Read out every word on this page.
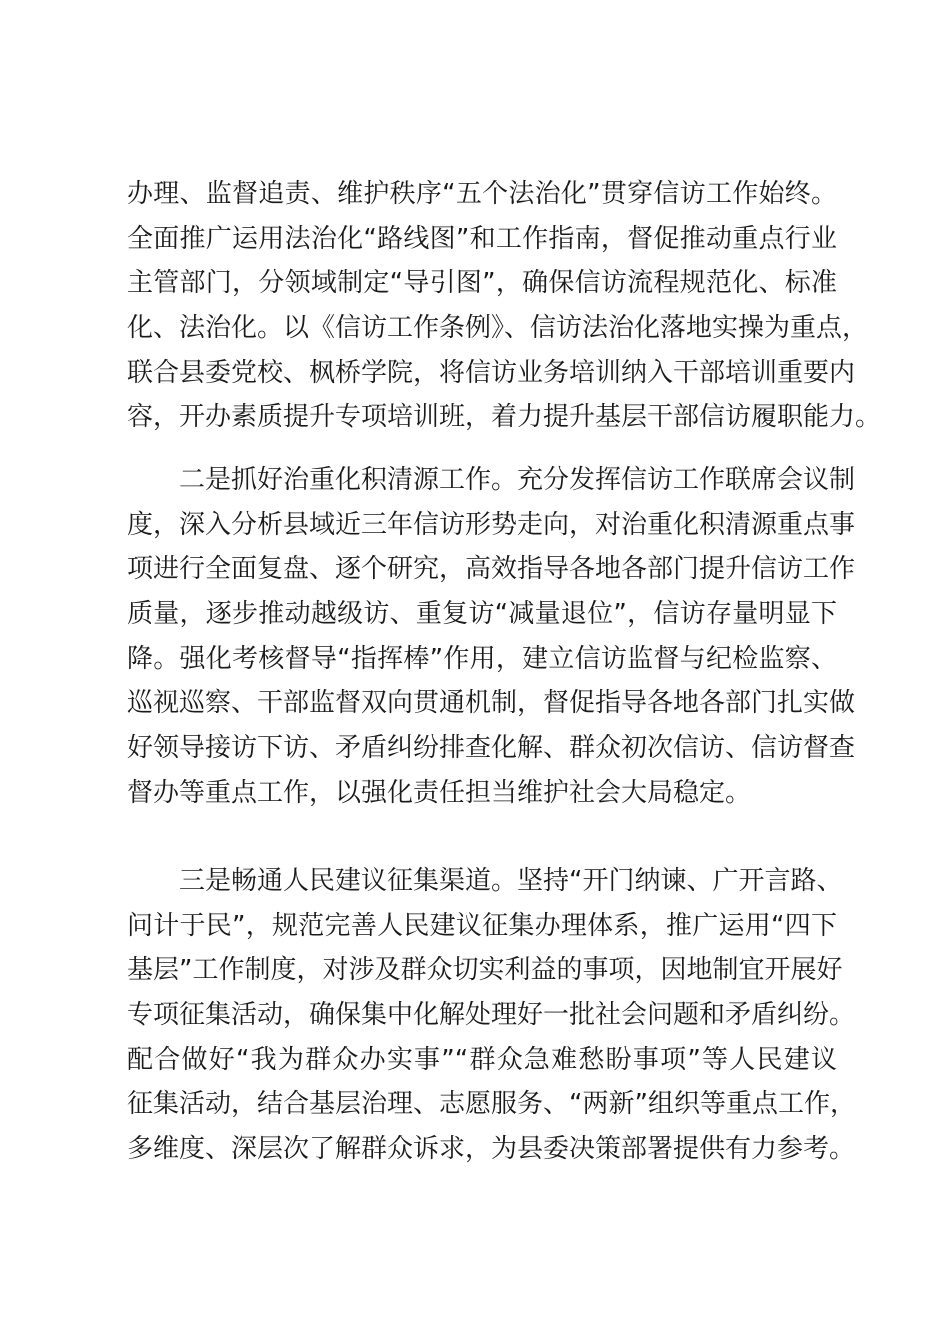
办理、监督追责、维护秩序“五个法治化”贯穿信访工作始终。
全面推广运用法治化“路线图”和工作指南，督促推动重点行业
主管部门，分领域制定“导引图”，确保信访流程规范化、标准
化、法治化。以《信访工作条例》、信访法治化落地实操为重点，
联合县委党校、枫桥学院，将信访业务培训纳入干部培训重要内
容，开办素质提升专项培训班，着力提升基层干部信访履职能力。
二是抓好治重化积清源工作。充分发挥信访工作联席会议制
度，深入分析县域近三年信访形势走向，对治重化积清源重点事
项进行全面复盘、逐个研究，高效指导各地各部门提升信访工作
质量，逐步推动越级访、重复访“减量退位”，信访存量明显下
降。强化考核督导“指挥棒”作用，建立信访监督与纪检监察、
巡视巡察、干部监督双向贯通机制，督促指导各地各部门扎实做
好领导接访下访、矛盾纠纷排查化解、群众初次信访、信访督查
督办等重点工作，以强化责任担当维护社会大局稳定。
三是畅通人民建议征集渠道。坚持“开门纳谏、广开言路、
问计于民”，规范完善人民建议征集办理体系，推广运用“四下
基层”工作制度，对涉及群众切实利益的事项，因地制宜开展好
专项征集活动，确保集中化解处理好一批社会问题和矛盾纠纷。
配合做好“我为群众办实事”“群众急难愁盼事项”等人民建议
征集活动，结合基层治理、志愿服务、“两新”组织等重点工作，
多维度、深层次了解群众诉求，为县委决策部署提供有力参考。
